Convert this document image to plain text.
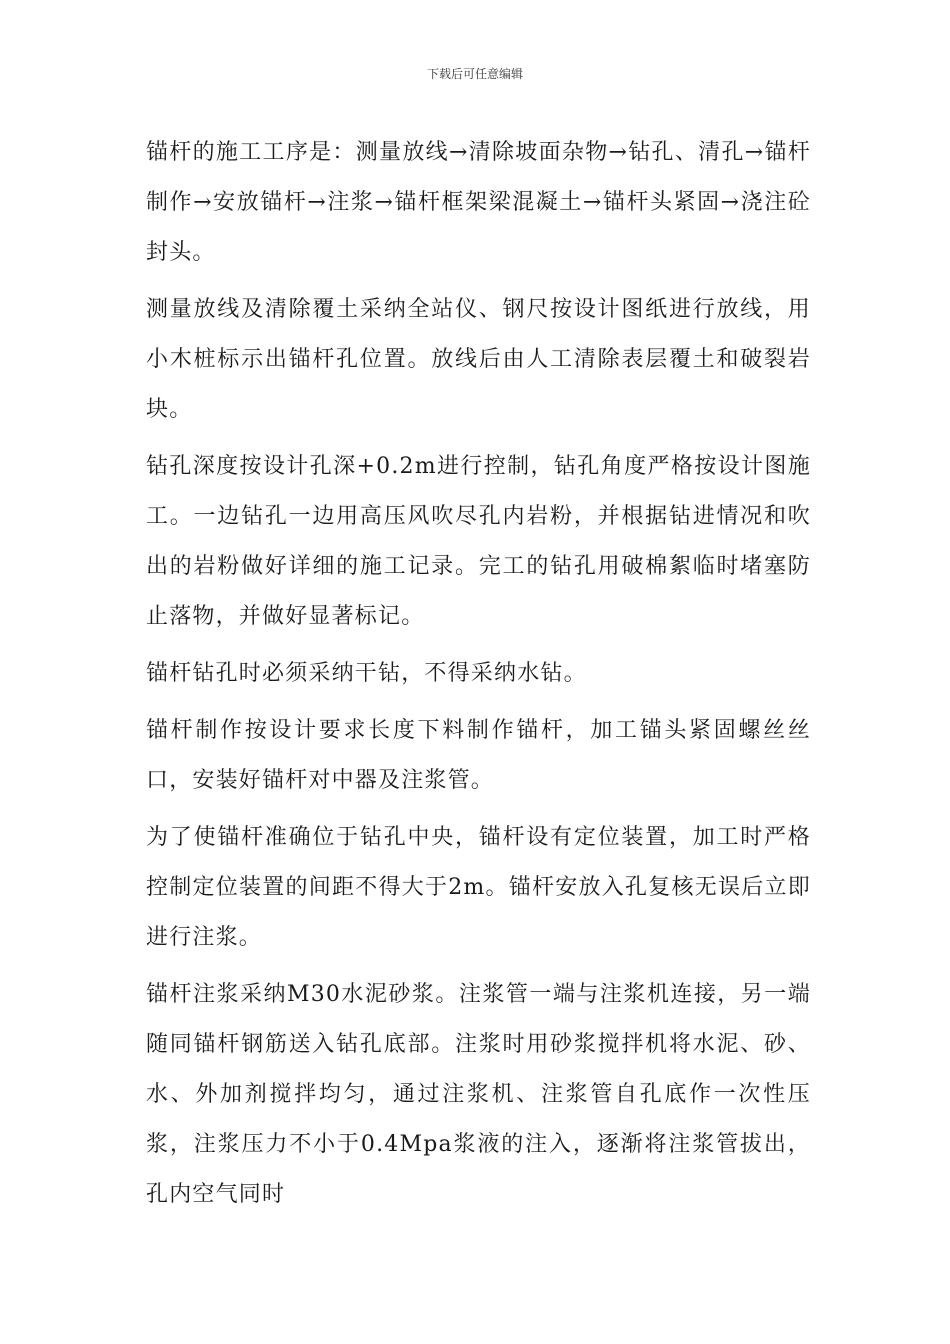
下载后可任意编辑

锚杆的施工工序是：测量放线→清除坡面杂物→钻孔、清孔→锚杆制作→安放锚杆→注浆→锚杆框架梁混凝土→锚杆头紧固→浇注砼封头。

测量放线及清除覆土采纳全站仪、钢尺按设计图纸进行放线，用小木桩标示出锚杆孔位置。放线后由人工清除表层覆土和破裂岩块。

钻孔深度按设计孔深+0.2m进行控制，钻孔角度严格按设计图施工。一边钻孔一边用高压风吹尽孔内岩粉，并根据钻进情况和吹出的岩粉做好详细的施工记录。完工的钻孔用破棉絮临时堵塞防止落物，并做好显著标记。

锚杆钻孔时必须采纳干钻，不得采纳水钻。

锚杆制作按设计要求长度下料制作锚杆，加工锚头紧固螺丝丝口，安装好锚杆对中器及注浆管。

为了使锚杆准确位于钻孔中央，锚杆设有定位装置，加工时严格控制定位装置的间距不得大于2m。锚杆安放入孔复核无误后立即进行注浆。

锚杆注浆采纳M30水泥砂浆。注浆管一端与注浆机连接，另一端随同锚杆钢筋送入钻孔底部。注浆时用砂浆搅拌机将水泥、砂、水、外加剂搅拌均匀，通过注浆机、注浆管自孔底作一次性压浆，注浆压力不小于0.4Mpa浆液的注入，逐渐将注浆管拔出，孔内空气同时
